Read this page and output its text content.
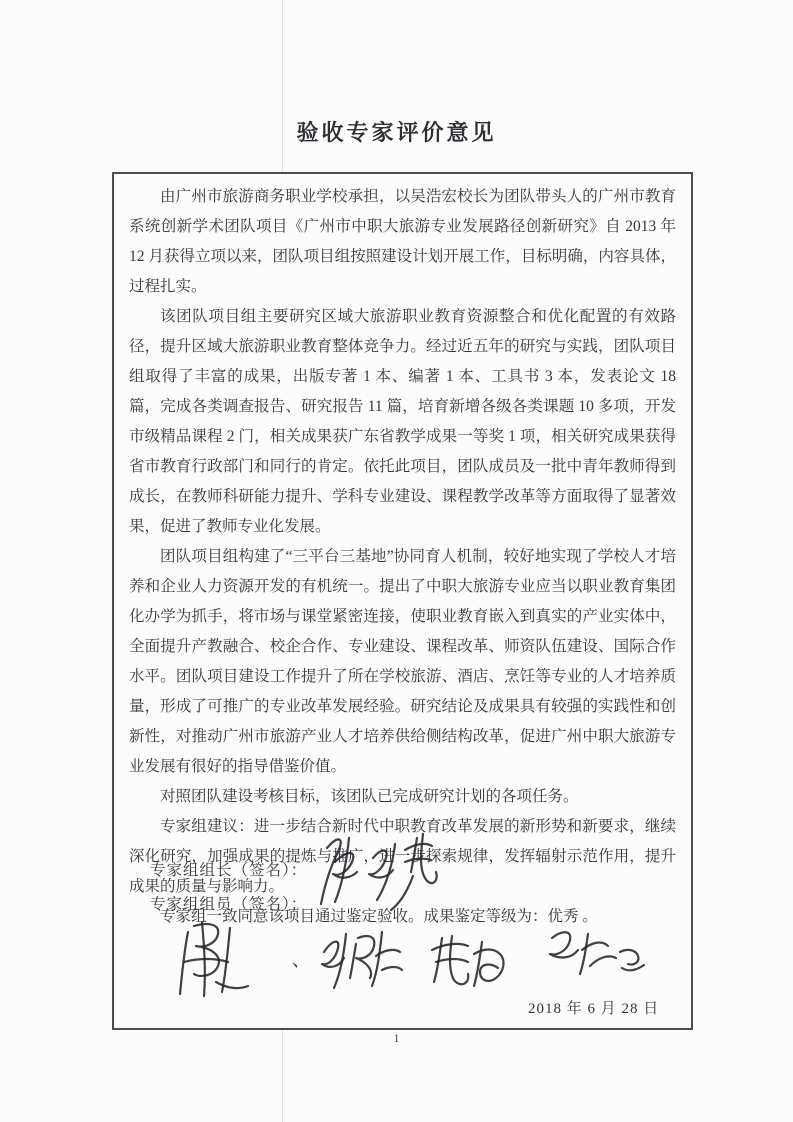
验收专家评价意见

由广州市旅游商务职业学校承担，以吴浩宏校长为团队带头人的广州市教育系统创新学术团队项目《广州市中职大旅游专业发展路径创新研究》自 2013 年 12 月获得立项以来，团队项目组按照建设计划开展工作，目标明确，内容具体，过程扎实。

该团队项目组主要研究区域大旅游职业教育资源整合和优化配置的有效路径，提升区域大旅游职业教育整体竞争力。经过近五年的研究与实践，团队项目组取得了丰富的成果，出版专著 1 本、编著 1 本、工具书 3 本，发表论文 18 篇，完成各类调查报告、研究报告 11 篇，培育新增各级各类课题 10 多项，开发市级精品课程 2 门，相关成果获广东省教学成果一等奖 1 项，相关研究成果获得省市教育行政部门和同行的肯定。依托此项目，团队成员及一批中青年教师得到成长，在教师科研能力提升、学科专业建设、课程教学改革等方面取得了显著效果，促进了教师专业化发展。

团队项目组构建了“三平台三基地”协同育人机制，较好地实现了学校人才培养和企业人力资源开发的有机统一。提出了中职大旅游专业应当以职业教育集团化办学为抓手，将市场与课堂紧密连接，使职业教育嵌入到真实的产业实体中，全面提升产教融合、校企合作、专业建设、课程改革、师资队伍建设、国际合作水平。团队项目建设工作提升了所在学校旅游、酒店、烹饪等专业的人才培养质量，形成了可推广的专业改革发展经验。研究结论及成果具有较强的实践性和创新性，对推动广州市旅游产业人才培养供给侧结构改革，促进广州中职大旅游专业发展有很好的指导借鉴价值。

对照团队建设考核目标，该团队已完成研究计划的各项任务。

专家组建议：进一步结合新时代中职教育改革发展的新形势和新要求，继续深化研究，加强成果的提炼与推广，进一步探索规律，发挥辐射示范作用，提升成果的质量与影响力。

专家组一致同意该项目通过鉴定验收。成果鉴定等级为：优秀 。

专家组组长（签名）：
专家组组员（签名）：
、
2018 年 6 月 28 日
1
